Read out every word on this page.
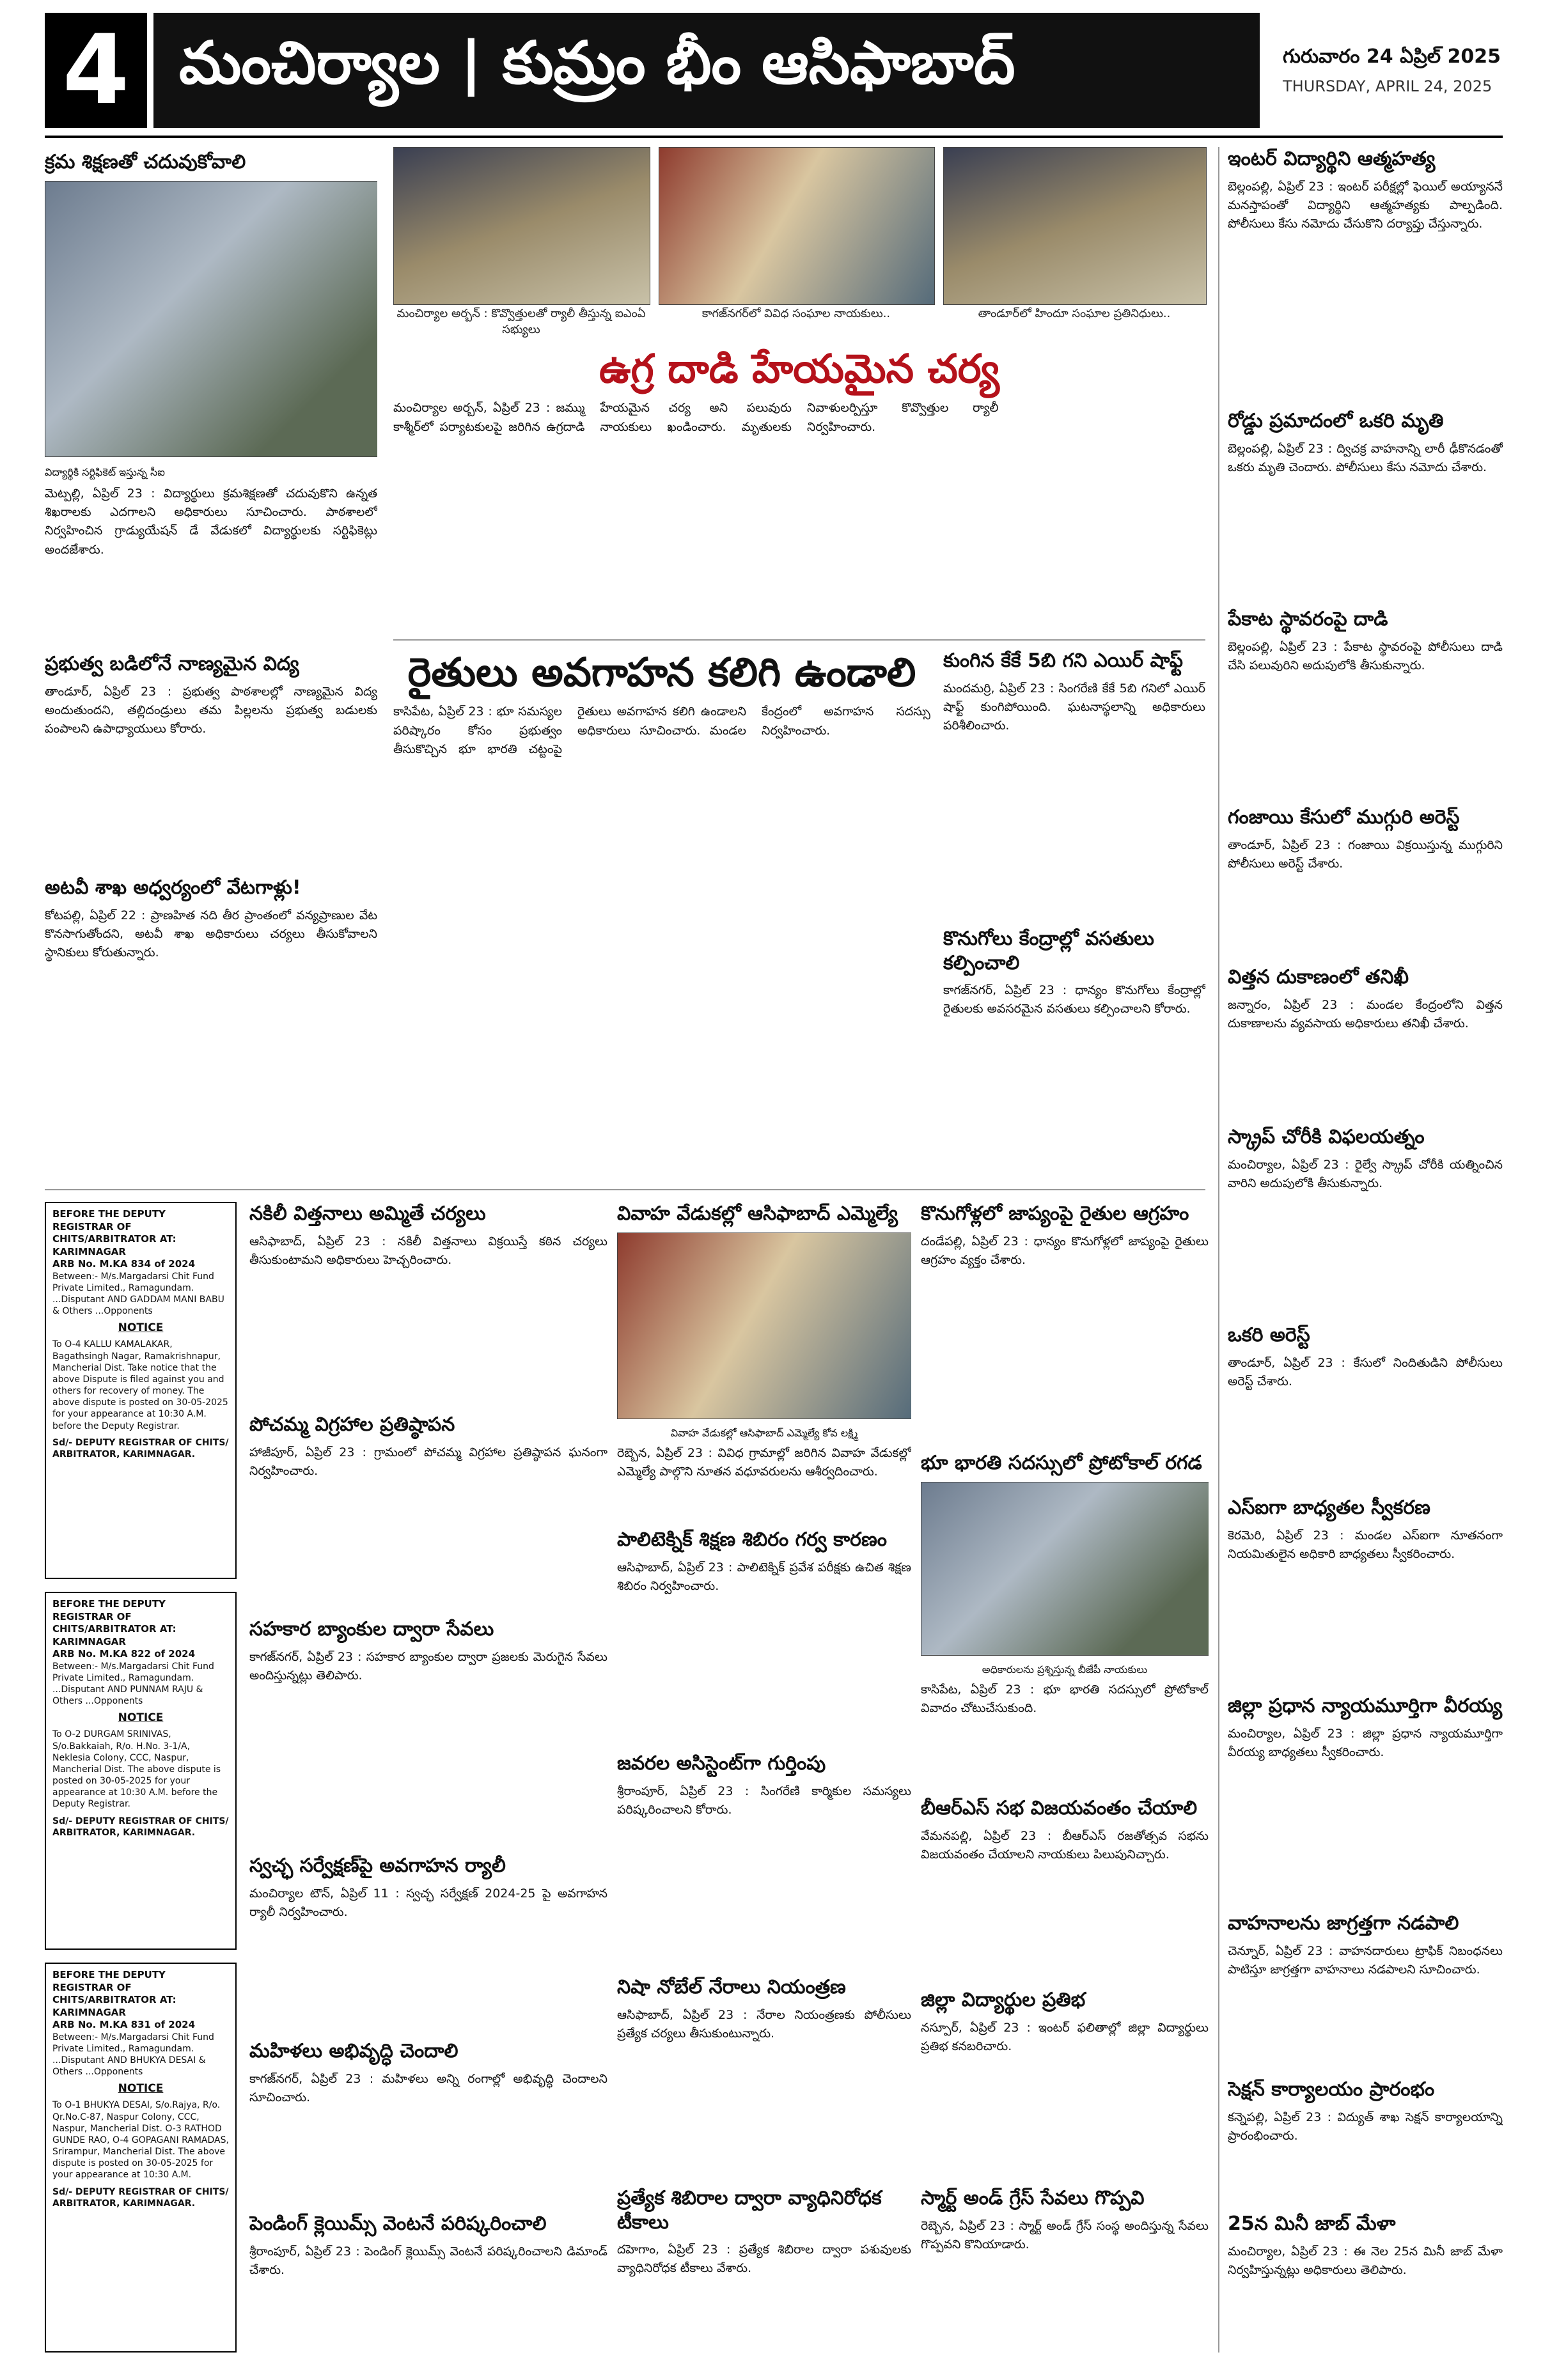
4 మంచిర్యాల | కుమ్రం భీం ఆసిఫాబాద్	గురువారం 24 ఏప్రిల్ 2025
THURSDAY, APRIL 24, 2025
క్రమ శిక్షణతో చదువుకోవాలి
విద్యార్థికి సర్టిఫికెట్ ఇస్తున్న సీఐ

మెట్పల్లి, ఏప్రిల్ 23 : విద్యార్థులు క్రమశిక్షణతో చదువుకొని ఉన్నత శిఖరాలకు ఎదగాలని అధికారులు సూచించారు. పాఠశాలలో నిర్వహించిన గ్రాడ్యుయేషన్ డే వేడుకలో విద్యార్థులకు సర్టిఫికెట్లు అందజేశారు.

ప్రభుత్వ బడిలోనే నాణ్యమైన విద్య

తాండూర్, ఏప్రిల్ 23 : ప్రభుత్వ పాఠశాలల్లో నాణ్యమైన విద్య అందుతుందని, తల్లిదండ్రులు తమ పిల్లలను ప్రభుత్వ బడులకు పంపాలని ఉపాధ్యాయులు కోరారు.

అటవీ శాఖ అధ్వర్యంలో వేటగాళ్లు!

కోటపల్లి, ఏప్రిల్ 22 : ప్రాణహిత నది తీర ప్రాంతంలో వన్యప్రాణుల వేట కొనసాగుతోందని, అటవీ శాఖ అధికారులు చర్యలు తీసుకోవాలని స్థానికులు కోరుతున్నారు.

మంచిర్యాల అర్బన్ : కొవ్వొత్తులతో ర్యాలీ తీస్తున్న ఐఎంఏ సభ్యులు
కాగజ్‌నగర్‌లో వివిధ సంఘాల నాయకులు..	తాండూర్‌లో హిందూ సంఘాల ప్రతినిధులు..
ఉగ్ర దాడి హేయమైన చర్య

మంచిర్యాల అర్బన్, ఏప్రిల్ 23 : జమ్ము కాశ్మీర్‌లో పర్యాటకులపై జరిగిన ఉగ్రదాడి హేయమైన చర్య అని పలువురు నాయకులు ఖండించారు. మృతులకు నివాళులర్పిస్తూ కొవ్వొత్తుల ర్యాలీ నిర్వహించారు.

రైతులు అవగాహన కలిగి ఉండాలి

కాసిపేట, ఏప్రిల్ 23 : భూ సమస్యల పరిష్కారం కోసం ప్రభుత్వం తీసుకొచ్చిన భూ భారతి చట్టంపై రైతులు అవగాహన కలిగి ఉండాలని అధికారులు సూచించారు. మండల కేంద్రంలో అవగాహన సదస్సు నిర్వహించారు.

కుంగిన కేకే 5బి గని ఎయిర్ షాఫ్ట్

మందమర్రి, ఏప్రిల్ 23 : సింగరేణి కేకే 5బి గనిలో ఎయిర్ షాఫ్ట్ కుంగిపోయింది. ఘటనాస్థలాన్ని అధికారులు పరిశీలించారు.

కొనుగోలు కేంద్రాల్లో వసతులు కల్పించాలి

కాగజ్‌నగర్, ఏప్రిల్ 23 : ధాన్యం కొనుగోలు కేంద్రాల్లో రైతులకు అవసరమైన వసతులు కల్పించాలని కోరారు.

ఇంటర్ విద్యార్థిని ఆత్మహత్య

బెల్లంపల్లి, ఏప్రిల్ 23 : ఇంటర్ పరీక్షల్లో ఫెయిల్ అయ్యాననే మనస్తాపంతో విద్యార్థిని ఆత్మహత్యకు పాల్పడింది. పోలీసులు కేసు నమోదు చేసుకొని దర్యాప్తు చేస్తున్నారు.

రోడ్డు ప్రమాదంలో ఒకరి మృతి

బెల్లంపల్లి, ఏప్రిల్ 23 : ద్విచక్ర వాహనాన్ని లారీ ఢీకొనడంతో ఒకరు మృతి చెందారు. పోలీసులు కేసు నమోదు చేశారు.

పేకాట స్థావరంపై దాడి

బెల్లంపల్లి, ఏప్రిల్ 23 : పేకాట స్థావరంపై పోలీసులు దాడి చేసి పలువురిని అదుపులోకి తీసుకున్నారు.

గంజాయి కేసులో ముగ్గురి అరెస్ట్

తాండూర్, ఏప్రిల్ 23 : గంజాయి విక్రయిస్తున్న ముగ్గురిని పోలీసులు అరెస్ట్ చేశారు.

విత్తన దుకాణంలో తనిఖీ

జన్నారం, ఏప్రిల్ 23 : మండల కేంద్రంలోని విత్తన దుకాణాలను వ్యవసాయ అధికారులు తనిఖీ చేశారు.

స్క్రాప్ చోరీకి విఫలయత్నం

మంచిర్యాల, ఏప్రిల్ 23 : రైల్వే స్క్రాప్ చోరీకి యత్నించిన వారిని అదుపులోకి తీసుకున్నారు.

ఒకరి అరెస్ట్

తాండూర్, ఏప్రిల్ 23 : కేసులో నిందితుడిని పోలీసులు అరెస్ట్ చేశారు.

ఎస్ఐగా బాధ్యతల స్వీకరణ

కెరమెరి, ఏప్రిల్ 23 : మండల ఎస్ఐగా నూతనంగా నియమితులైన అధికారి బాధ్యతలు స్వీకరించారు.

జిల్లా ప్రధాన న్యాయమూర్తిగా వీరయ్య

మంచిర్యాల, ఏప్రిల్ 23 : జిల్లా ప్రధాన న్యాయమూర్తిగా వీరయ్య బాధ్యతలు స్వీకరించారు.

వాహనాలను జాగ్రత్తగా నడపాలి

చెన్నూర్, ఏప్రిల్ 23 : వాహనదారులు ట్రాఫిక్ నిబంధనలు పాటిస్తూ జాగ్రత్తగా వాహనాలు నడపాలని సూచించారు.

సెక్షన్ కార్యాలయం ప్రారంభం

కన్నెపల్లి, ఏప్రిల్ 23 : విద్యుత్ శాఖ సెక్షన్ కార్యాలయాన్ని ప్రారంభించారు.

25న మినీ జాబ్ మేళా

మంచిర్యాల, ఏప్రిల్ 23 : ఈ నెల 25న మినీ జాబ్ మేళా నిర్వహిస్తున్నట్లు అధికారులు తెలిపారు.

BEFORE THE DEPUTY REGISTRAR OF CHITS/ARBITRATOR AT: KARIMNAGAR
ARB No. M.KA 834 of 2024
Between:- M/s.Margadarsi Chit Fund Private Limited., Ramagundam. ...Disputant AND GADDAM MANI BABU & Others ...Opponents
NOTICE
To O-4 KALLU KAMALAKAR, Bagathsingh Nagar, Ramakrishnapur, Mancherial Dist. Take notice that the above Dispute is filed against you and others for recovery of money. The above dispute is posted on 30-05-2025 for your appearance at 10:30 A.M. before the Deputy Registrar.
Sd/- DEPUTY REGISTRAR OF CHITS/ ARBITRATOR, KARIMNAGAR.
BEFORE THE DEPUTY REGISTRAR OF CHITS/ARBITRATOR AT: KARIMNAGAR
ARB No. M.KA 822 of 2024
Between:- M/s.Margadarsi Chit Fund Private Limited., Ramagundam. ...Disputant AND PUNNAM RAJU & Others ...Opponents
NOTICE
To O-2 DURGAM SRINIVAS, S/o.Bakkaiah, R/o. H.No. 3-1/A, Neklesia Colony, CCC, Naspur, Mancherial Dist. The above dispute is posted on 30-05-2025 for your appearance at 10:30 A.M. before the Deputy Registrar.
Sd/- DEPUTY REGISTRAR OF CHITS/ ARBITRATOR, KARIMNAGAR.
BEFORE THE DEPUTY REGISTRAR OF CHITS/ARBITRATOR AT: KARIMNAGAR
ARB No. M.KA 831 of 2024
Between:- M/s.Margadarsi Chit Fund Private Limited., Ramagundam. ...Disputant AND BHUKYA DESAI & Others ...Opponents
NOTICE
To O-1 BHUKYA DESAI, S/o.Rajya, R/o. Qr.No.C-87, Naspur Colony, CCC, Naspur, Mancherial Dist. O-3 RATHOD GUNDE RAO, O-4 GOPAGANI RAMADAS, Srirampur, Mancherial Dist. The above dispute is posted on 30-05-2025 for your appearance at 10:30 A.M.
Sd/- DEPUTY REGISTRAR OF CHITS/ ARBITRATOR, KARIMNAGAR.
నకిలీ విత్తనాలు అమ్మితే చర్యలు

ఆసిఫాబాద్, ఏప్రిల్ 23 : నకిలీ విత్తనాలు విక్రయిస్తే కఠిన చర్యలు తీసుకుంటామని అధికారులు హెచ్చరించారు.

పోచమ్మ విగ్రహాల ప్రతిష్ఠాపన

హాజీపూర్, ఏప్రిల్ 23 : గ్రామంలో పోచమ్మ విగ్రహాల ప్రతిష్ఠాపన ఘనంగా నిర్వహించారు.

సహకార బ్యాంకుల ద్వారా సేవలు

కాగజ్‌నగర్, ఏప్రిల్ 23 : సహకార బ్యాంకుల ద్వారా ప్రజలకు మెరుగైన సేవలు అందిస్తున్నట్లు తెలిపారు.

స్వచ్ఛ సర్వేక్షణ్‌పై అవగాహన ర్యాలీ

మంచిర్యాల టౌన్, ఏప్రిల్ 11 : స్వచ్ఛ సర్వేక్షణ్ 2024-25 పై అవగాహన ర్యాలీ నిర్వహించారు.

మహిళలు అభివృద్ధి చెందాలి

కాగజ్‌నగర్, ఏప్రిల్ 23 : మహిళలు అన్ని రంగాల్లో అభివృద్ధి చెందాలని సూచించారు.

పెండింగ్ క్లెయిమ్స్ వెంటనే పరిష్కరించాలి

శ్రీరాంపూర్, ఏప్రిల్ 23 : పెండింగ్ క్లెయిమ్స్ వెంటనే పరిష్కరించాలని డిమాండ్ చేశారు.

వివాహ వేడుకల్లో ఆసిఫాబాద్ ఎమ్మెల్యే
వివాహ వేడుకల్లో ఆసిఫాబాద్ ఎమ్మెల్యే కోవ లక్ష్మి

రెబ్బెన, ఏప్రిల్ 23 : వివిధ గ్రామాల్లో జరిగిన వివాహ వేడుకల్లో ఎమ్మెల్యే పాల్గొని నూతన వధూవరులను ఆశీర్వదించారు.

పాలిటెక్నిక్ శిక్షణ శిబిరం గర్వ కారణం

ఆసిఫాబాద్, ఏప్రిల్ 23 : పాలిటెక్నిక్ ప్రవేశ పరీక్షకు ఉచిత శిక్షణ శిబిరం నిర్వహించారు.

జవరల అసిస్టెంట్‌గా గుర్తింపు

శ్రీరాంపూర్, ఏప్రిల్ 23 : సింగరేణి కార్మికుల సమస్యలు పరిష్కరించాలని కోరారు.

నిషా నోబేల్ నేరాలు నియంత్రణ

ఆసిఫాబాద్, ఏప్రిల్ 23 : నేరాల నియంత్రణకు పోలీసులు ప్రత్యేక చర్యలు తీసుకుంటున్నారు.

ప్రత్యేక శిబిరాల ద్వారా వ్యాధినిరోధక టీకాలు

దహెగాం, ఏప్రిల్ 23 : ప్రత్యేక శిబిరాల ద్వారా పశువులకు వ్యాధినిరోధక టీకాలు వేశారు.

కొనుగోళ్లలో జాప్యంపై రైతుల ఆగ్రహం

దండేపల్లి, ఏప్రిల్ 23 : ధాన్యం కొనుగోళ్లలో జాప్యంపై రైతులు ఆగ్రహం వ్యక్తం చేశారు.

భూ భారతి సదస్సులో ప్రోటోకాల్ రగడ
అధికారులను ప్రశ్నిస్తున్న బీజేపీ నాయకులు

కాసిపేట, ఏప్రిల్ 23 : భూ భారతి సదస్సులో ప్రోటోకాల్ వివాదం చోటుచేసుకుంది.

బీఆర్ఎస్ సభ విజయవంతం చేయాలి

వేమనపల్లి, ఏప్రిల్ 23 : బీఆర్ఎస్ రజతోత్సవ సభను విజయవంతం చేయాలని నాయకులు పిలుపునిచ్చారు.

జిల్లా విద్యార్థుల ప్రతిభ

నస్పూర్, ఏప్రిల్ 23 : ఇంటర్ ఫలితాల్లో జిల్లా విద్యార్థులు ప్రతిభ కనబరిచారు.

స్మార్ట్ అండ్ గ్రేస్ సేవలు గొప్పవి

రెబ్బెన, ఏప్రిల్ 23 : స్మార్ట్ అండ్ గ్రేస్ సంస్థ అందిస్తున్న సేవలు గొప్పవని కొనియాడారు.
